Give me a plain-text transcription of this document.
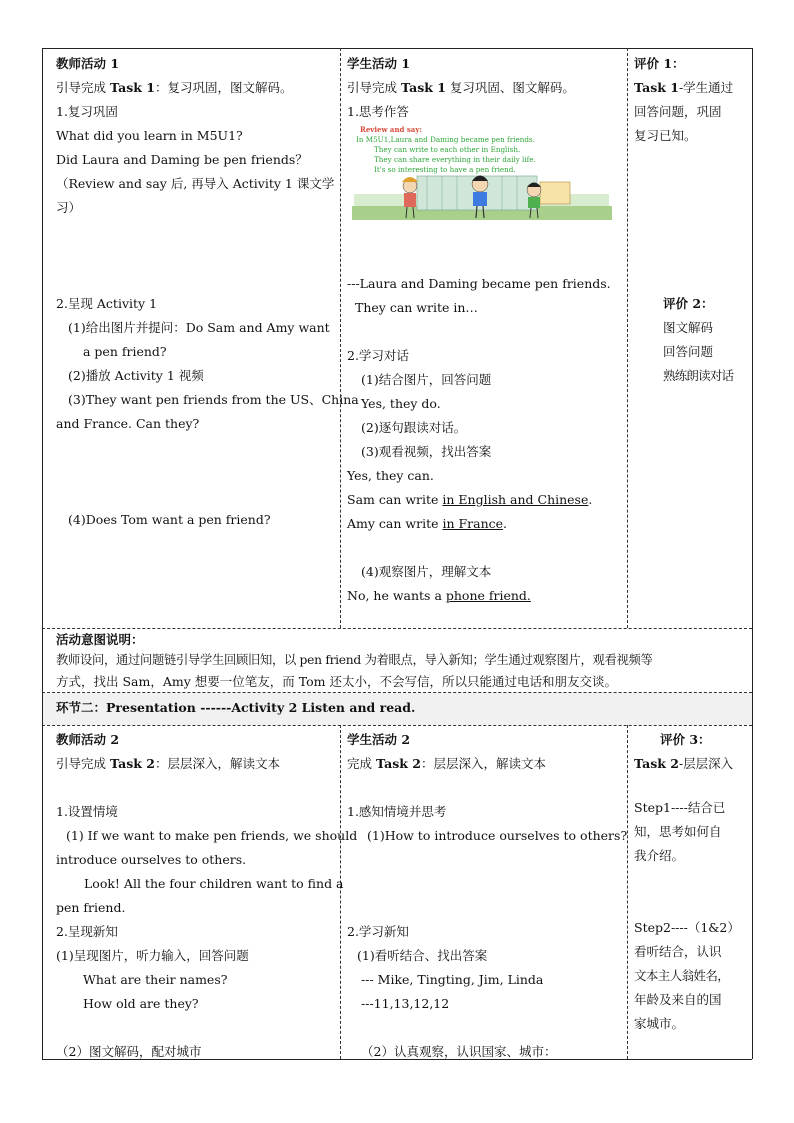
教师活动 1
引导完成 Task 1：复习巩固，图文解码。
1.复习巩固
What did you learn in M5U1?
Did Laura and Daming be pen friends？
（Review and say 后, 再导入 Activity 1 课文学
习）
2.呈现 Activity 1
(1)给出图片并提问：Do Sam and Amy want
a pen friend?
(2)播放 Activity 1 视频
(3)They want pen friends from the US、China
and France. Can they?
(4)Does Tom want a pen friend?
学生活动 1
引导完成 Task 1 复习巩固、图文解码。
1.思考作答
Review and say:
In M5U1,Laura and Daming became pen friends.
They can write to each other in English.
They can share everything in their daily life.
It's so interesting to have a pen friend.
---Laura and Daming became pen friends.
They can write in…
2.学习对话
(1)结合图片，回答问题
Yes, they do.
(2)逐句跟读对话。
(3)观看视频，找出答案
Yes, they can.
Sam can write in English and Chinese.
Amy can write in France.
(4)观察图片，理解文本
No, he wants a phone friend.
评价 1：
Task 1-学生通过
回答问题，巩固
复习已知。
评价 2：
图文解码
回答问题
熟练朗读对话
活动意图说明：
教师设问，通过问题链引导学生回顾旧知，以 pen friend 为着眼点，导入新知；学生通过观察图片，观看视频等
方式，找出 Sam，Amy 想要一位笔友，而 Tom 还太小，不会写信，所以只能通过电话和朋友交谈。
环节二：Presentation ------Activity 2 Listen and read.
教师活动 2
引导完成 Task 2：层层深入，解读文本
1.设置情境
(1) If we want to make pen friends, we should
introduce ourselves to others.
Look! All the four children want to find a
pen friend.
2.呈现新知
(1)呈现图片，听力输入，回答问题
What are their names?
How old are they?
（2）图文解码，配对城市
学生活动 2
完成 Task 2：层层深入，解读文本
1.感知情境并思考
(1)How to introduce ourselves to others?
2.学习新知
(1)看听结合、找出答案
--- Mike, Tingting, Jim, Linda
---11,13,12,12
（2）认真观察，认识国家、城市：
评价 3：
Task 2-层层深入
Step1----结合已
知，思考如何自
我介绍。
Step2----（1&2）
看听结合，认识
文本主人翁姓名，
年龄及来自的国
家城市。
